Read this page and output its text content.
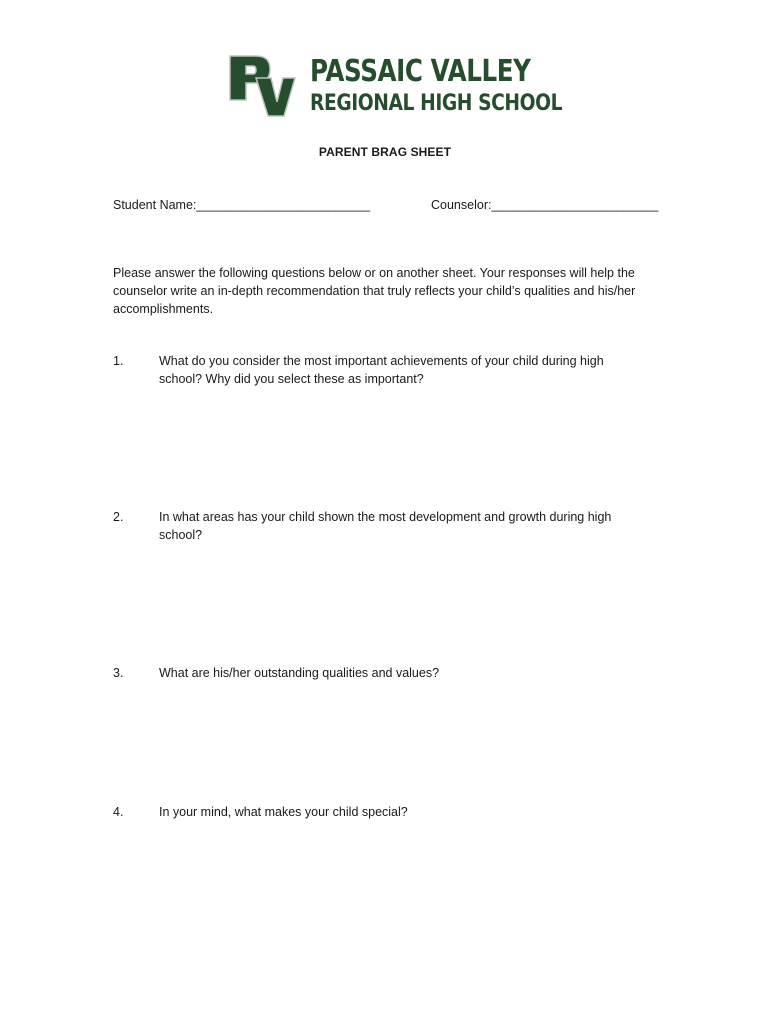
PASSAIC VALLEY
REGIONAL HIGH SCHOOL
PARENT BRAG SHEET
Student Name:_________________________	Counselor:________________________
Please answer the following questions below or on another sheet. Your responses will help the counselor write an in-depth recommendation that truly reflects your child’s qualities and his/her accomplishments.
1.	What do you consider the most important achievements of your child during high school? Why did you select these as important?
2.	In what areas has your child shown the most development and growth during high school?
3.	What are his/her outstanding qualities and values?
4.	In your mind, what makes your child special?
